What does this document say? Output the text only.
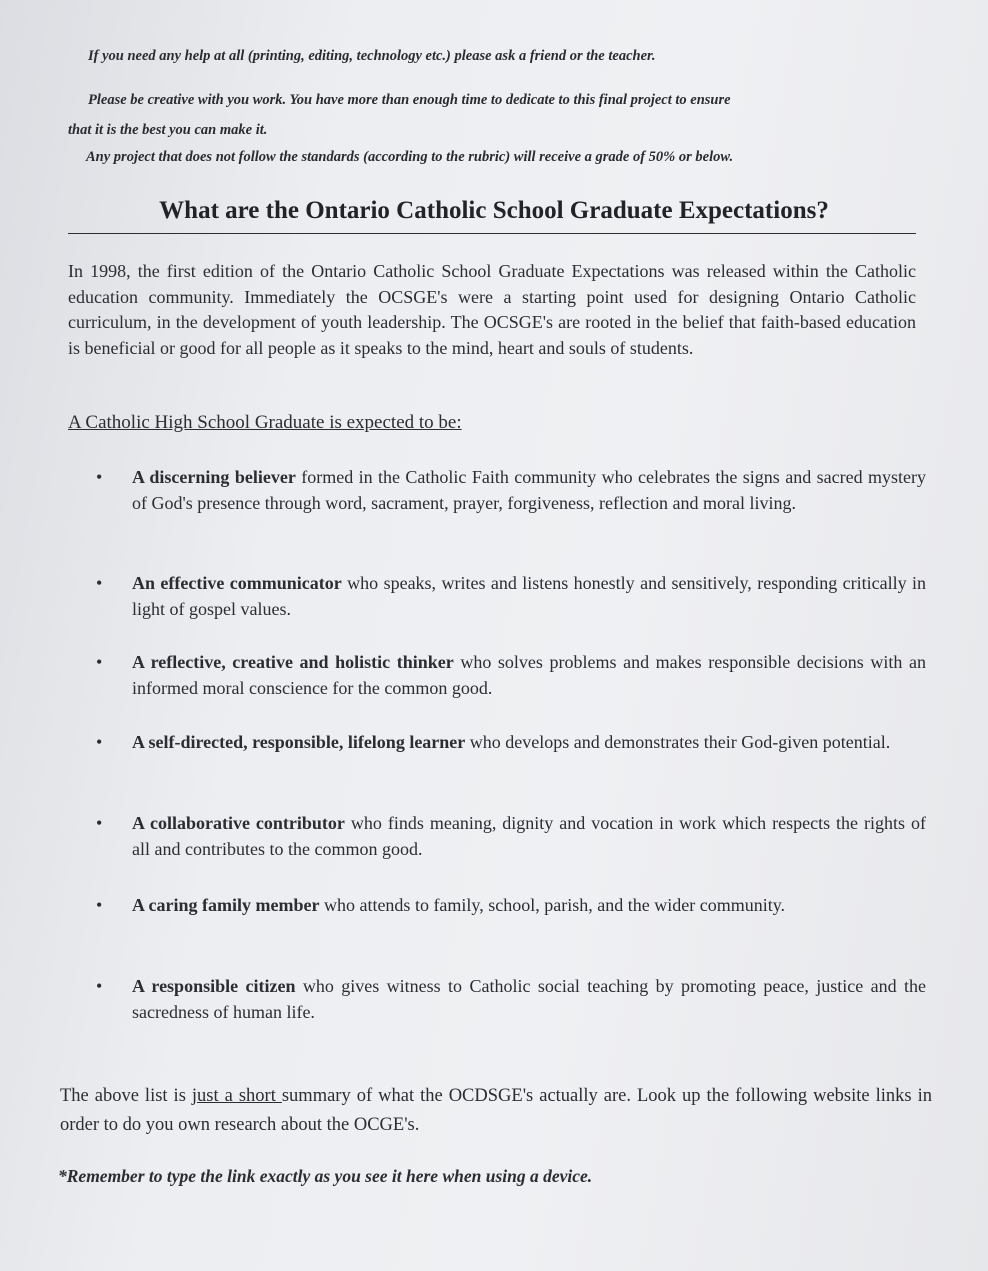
If you need any help at all (printing, editing, technology etc.) please ask a friend or the teacher.
Please be creative with you work. You have more than enough time to dedicate to this final project to ensure
that it is the best you can make it.
Any project that does not follow the standards (according to the rubric) will receive a grade of 50% or below.
What are the Ontario Catholic School Graduate Expectations?

In 1998, the first edition of the Ontario Catholic School Graduate Expectations was released within the Catholic education community. Immediately the OCSGE's were a starting point used for designing Ontario Catholic curriculum, in the development of youth leadership. The OCSGE's are rooted in the belief that faith-based education is beneficial or good for all people as it speaks to the mind, heart and souls of students.

A Catholic High School Graduate is expected to be:

•	A discerning believer formed in the Catholic Faith community who celebrates the signs and sacred mystery of God's presence through word, sacrament, prayer, forgiveness, reflection and moral living.

•	An effective communicator who speaks, writes and listens honestly and sensitively, responding critically in light of gospel values.

•	A reflective, creative and holistic thinker who solves problems and makes responsible decisions with an informed moral conscience for the common good.

•	A self-directed, responsible, lifelong learner who develops and demonstrates their God-given potential.

•	A collaborative contributor who finds meaning, dignity and vocation in work which respects the rights of all and contributes to the common good.

•	A caring family member who attends to family, school, parish, and the wider community.

•	A responsible citizen who gives witness to Catholic social teaching by promoting peace, justice and the sacredness of human life.

The above list is just a short summary of what the OCDSGE's actually are. Look up the following website links in order to do you own research about the OCGE's.

*Remember to type the link exactly as you see it here when using a device.
